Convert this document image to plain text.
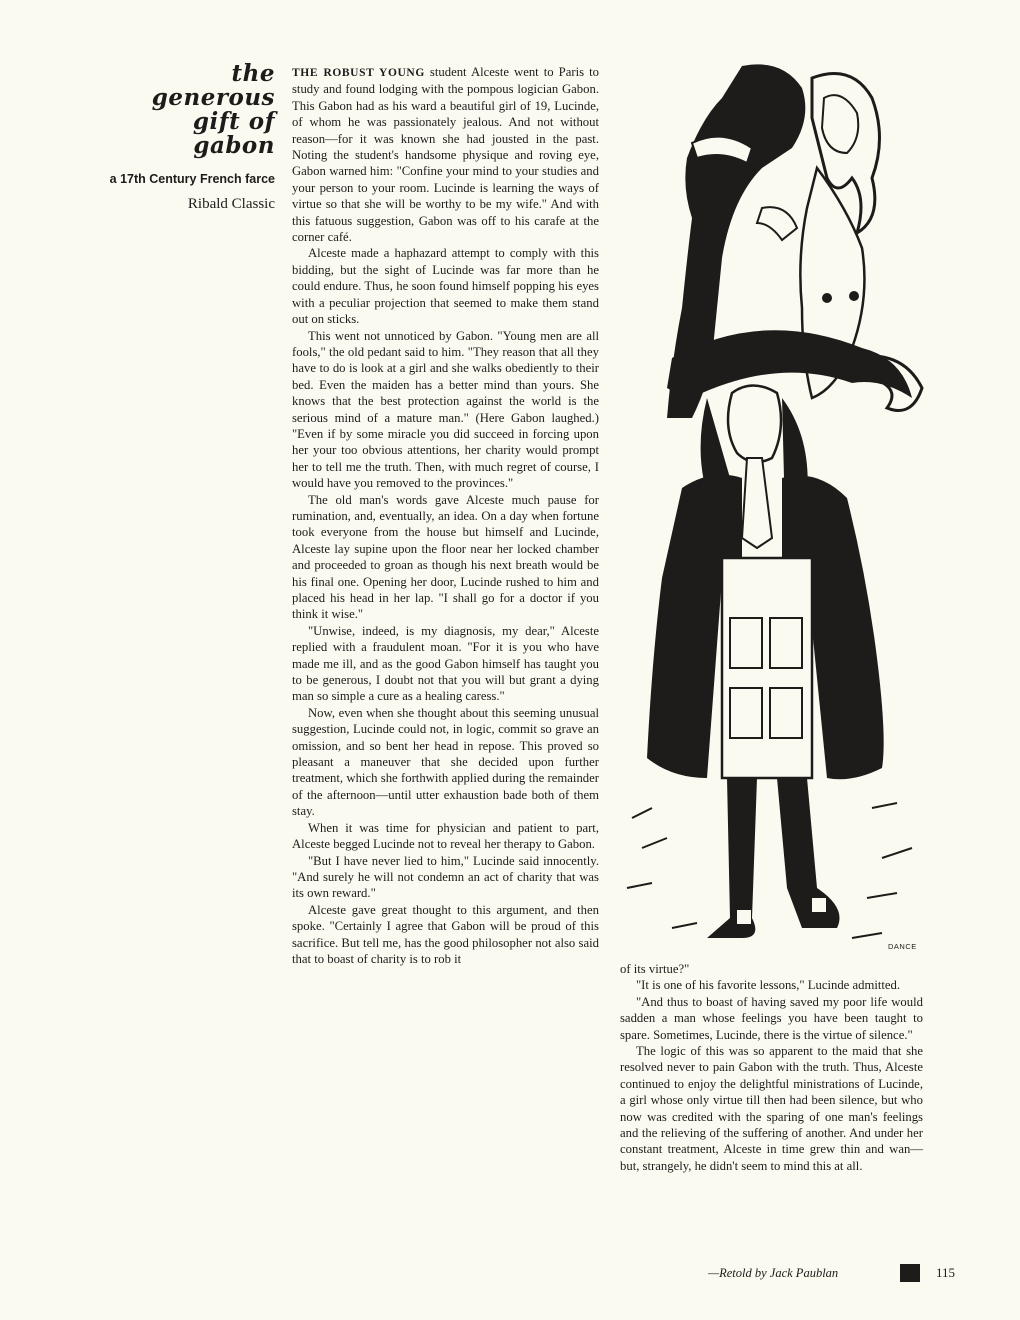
the
generous
gift of
gabon
a 17th Century French farce
Ribald Classic

THE ROBUST YOUNG student Alceste went to Paris to study and found lodging with the pompous logician Gabon. This Gabon had as his ward a beautiful girl of 19, Lucinde, of whom he was passionately jealous. And not without reason—for it was known she had jousted in the past. Noting the student's handsome physique and roving eye, Gabon warned him: "Confine your mind to your studies and your person to your room. Lucinde is learning the ways of virtue so that she will be worthy to be my wife." And with this fatuous suggestion, Gabon was off to his carafe at the corner café.

Alceste made a haphazard attempt to comply with this bidding, but the sight of Lucinde was far more than he could endure. Thus, he soon found himself popping his eyes with a peculiar projection that seemed to make them stand out on sticks.

This went not unnoticed by Gabon. "Young men are all fools," the old pedant said to him. "They reason that all they have to do is look at a girl and she walks obediently to their bed. Even the maiden has a better mind than yours. She knows that the best protection against the world is the serious mind of a mature man." (Here Gabon laughed.) "Even if by some miracle you did succeed in forcing upon her your too obvious attentions, her charity would prompt her to tell me the truth. Then, with much regret of course, I would have you removed to the provinces."

The old man's words gave Alceste much pause for rumination, and, eventually, an idea. On a day when fortune took everyone from the house but himself and Lucinde, Alceste lay supine upon the floor near her locked chamber and proceeded to groan as though his next breath would be his final one. Opening her door, Lucinde rushed to him and placed his head in her lap. "I shall go for a doctor if you think it wise."

"Unwise, indeed, is my diagnosis, my dear," Alceste replied with a fraudulent moan. "For it is you who have made me ill, and as the good Gabon himself has taught you to be generous, I doubt not that you will but grant a dying man so simple a cure as a healing caress."

Now, even when she thought about this seeming unusual suggestion, Lucinde could not, in logic, commit so grave an omission, and so bent her head in repose. This proved so pleasant a maneuver that she decided upon further treatment, which she forthwith applied during the remainder of the afternoon—until utter exhaustion bade both of them stay.

When it was time for physician and patient to part, Alceste begged Lucinde not to reveal her therapy to Gabon.

"But I have never lied to him," Lucinde said innocently. "And surely he will not condemn an act of charity that was its own reward."

Alceste gave great thought to this argument, and then spoke. "Certainly I agree that Gabon will be proud of this sacrifice. But tell me, has the good philosopher not also said that to boast of charity is to rob it

DANCE

of its virtue?"

"It is one of his favorite lessons," Lucinde admitted.

"And thus to boast of having saved my poor life would sadden a man whose feelings you have been taught to spare. Sometimes, Lucinde, there is the virtue of silence."

The logic of this was so apparent to the maid that she resolved never to pain Gabon with the truth. Thus, Alceste continued to enjoy the delightful ministrations of Lucinde, a girl whose only virtue till then had been silence, but who now was credited with the sparing of one man's feelings and the relieving of the suffering of another. And under her constant treatment, Alceste in time grew thin and wan—but, strangely, he didn't seem to mind this at all.

—Retold by Jack Paublan	115
